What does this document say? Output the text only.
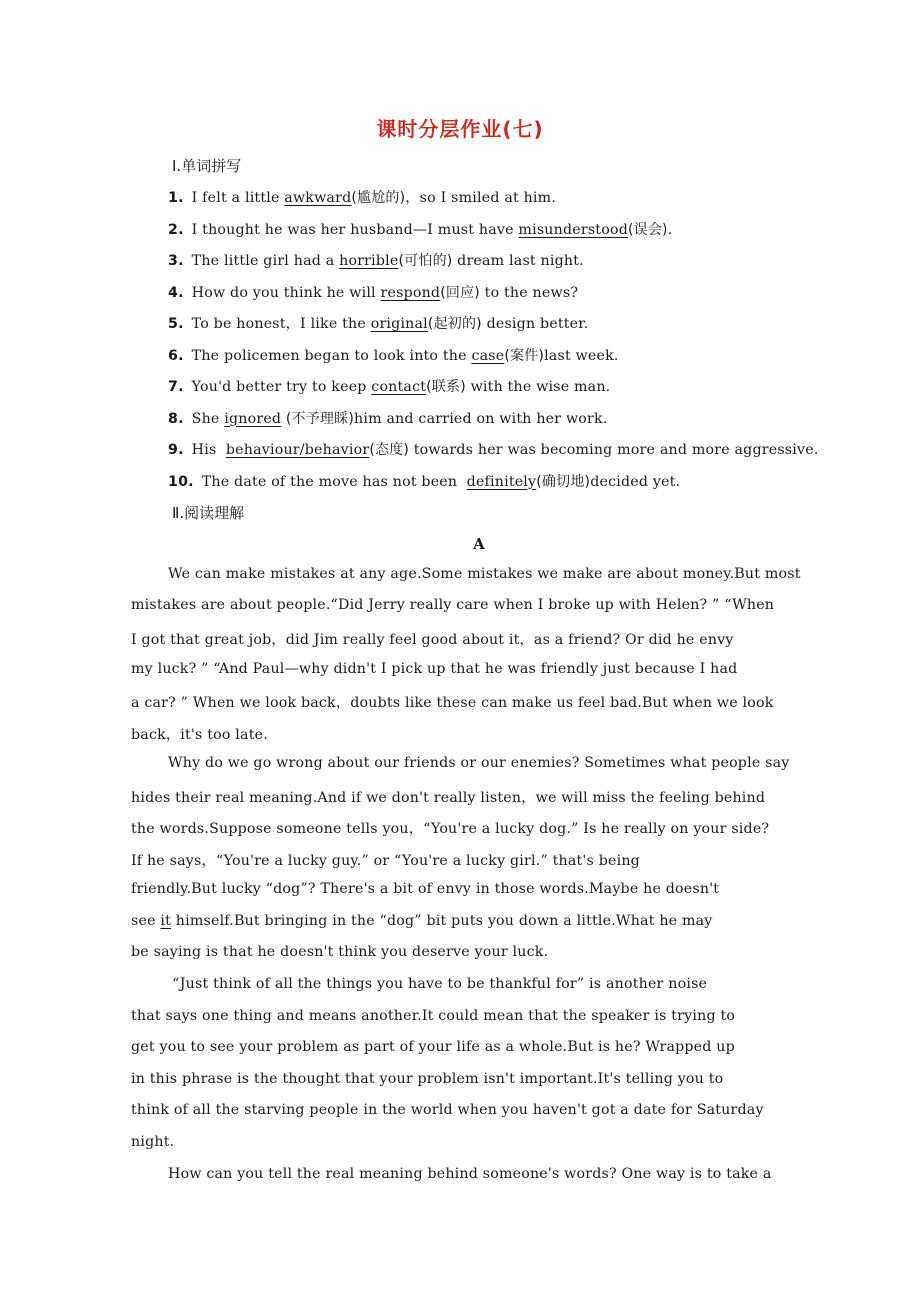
课时分层作业(七)
Ⅰ.单词拼写
1. I felt a little awkward(尴尬的)，so I smiled at him.
2. I thought he was her husband—I must have misunderstood(误会).
3. The little girl had a horrible(可怕的) dream last night.
4. How do you think he will respond(回应) to the news?
5. To be honest，I like the original(起初的) design better.
6. The policemen began to look into the case(案件)last week.
7. You'd better try to keep contact(联系) with the wise man.
8. She ignored (不予理睬)him and carried on with her work.
9. His  behaviour/behavior(态度) towards her was becoming more and more aggressive.
10. The date of the move has not been  definitely(确切地)decided yet.
Ⅱ.阅读理解
A
We can make mistakes at any age.Some mistakes we make are about money.But most
mistakes are about people.“Did Jerry really care when I broke up with Helen? ” “When
I got that great job，did Jim really feel good about it，as a friend? Or did he envy
my luck? ” “And Paul—why didn't I pick up that he was friendly just because I had
a car? ” When we look back，doubts like these can make us feel bad.But when we look
back，it's too late.
Why do we go wrong about our friends or our enemies? Sometimes what people say
hides their real meaning.And if we don't really listen，we will miss the feeling behind
the words.Suppose someone tells you，“You're a lucky dog.” Is he really on your side?
If he says，“You're a lucky guy.” or “You're a lucky girl.” that's being
friendly.But lucky “dog”? There's a bit of envy in those words.Maybe he doesn't
see it himself.But bringing in the “dog” bit puts you down a little.What he may
be saying is that he doesn't think you deserve your luck.
“Just think of all the things you have to be thankful for” is another noise
that says one thing and means another.It could mean that the speaker is trying to
get you to see your problem as part of your life as a whole.But is he? Wrapped up
in this phrase is the thought that your problem isn't important.It's telling you to
think of all the starving people in the world when you haven't got a date for Saturday
night.
How can you tell the real meaning behind someone's words? One way is to take a
